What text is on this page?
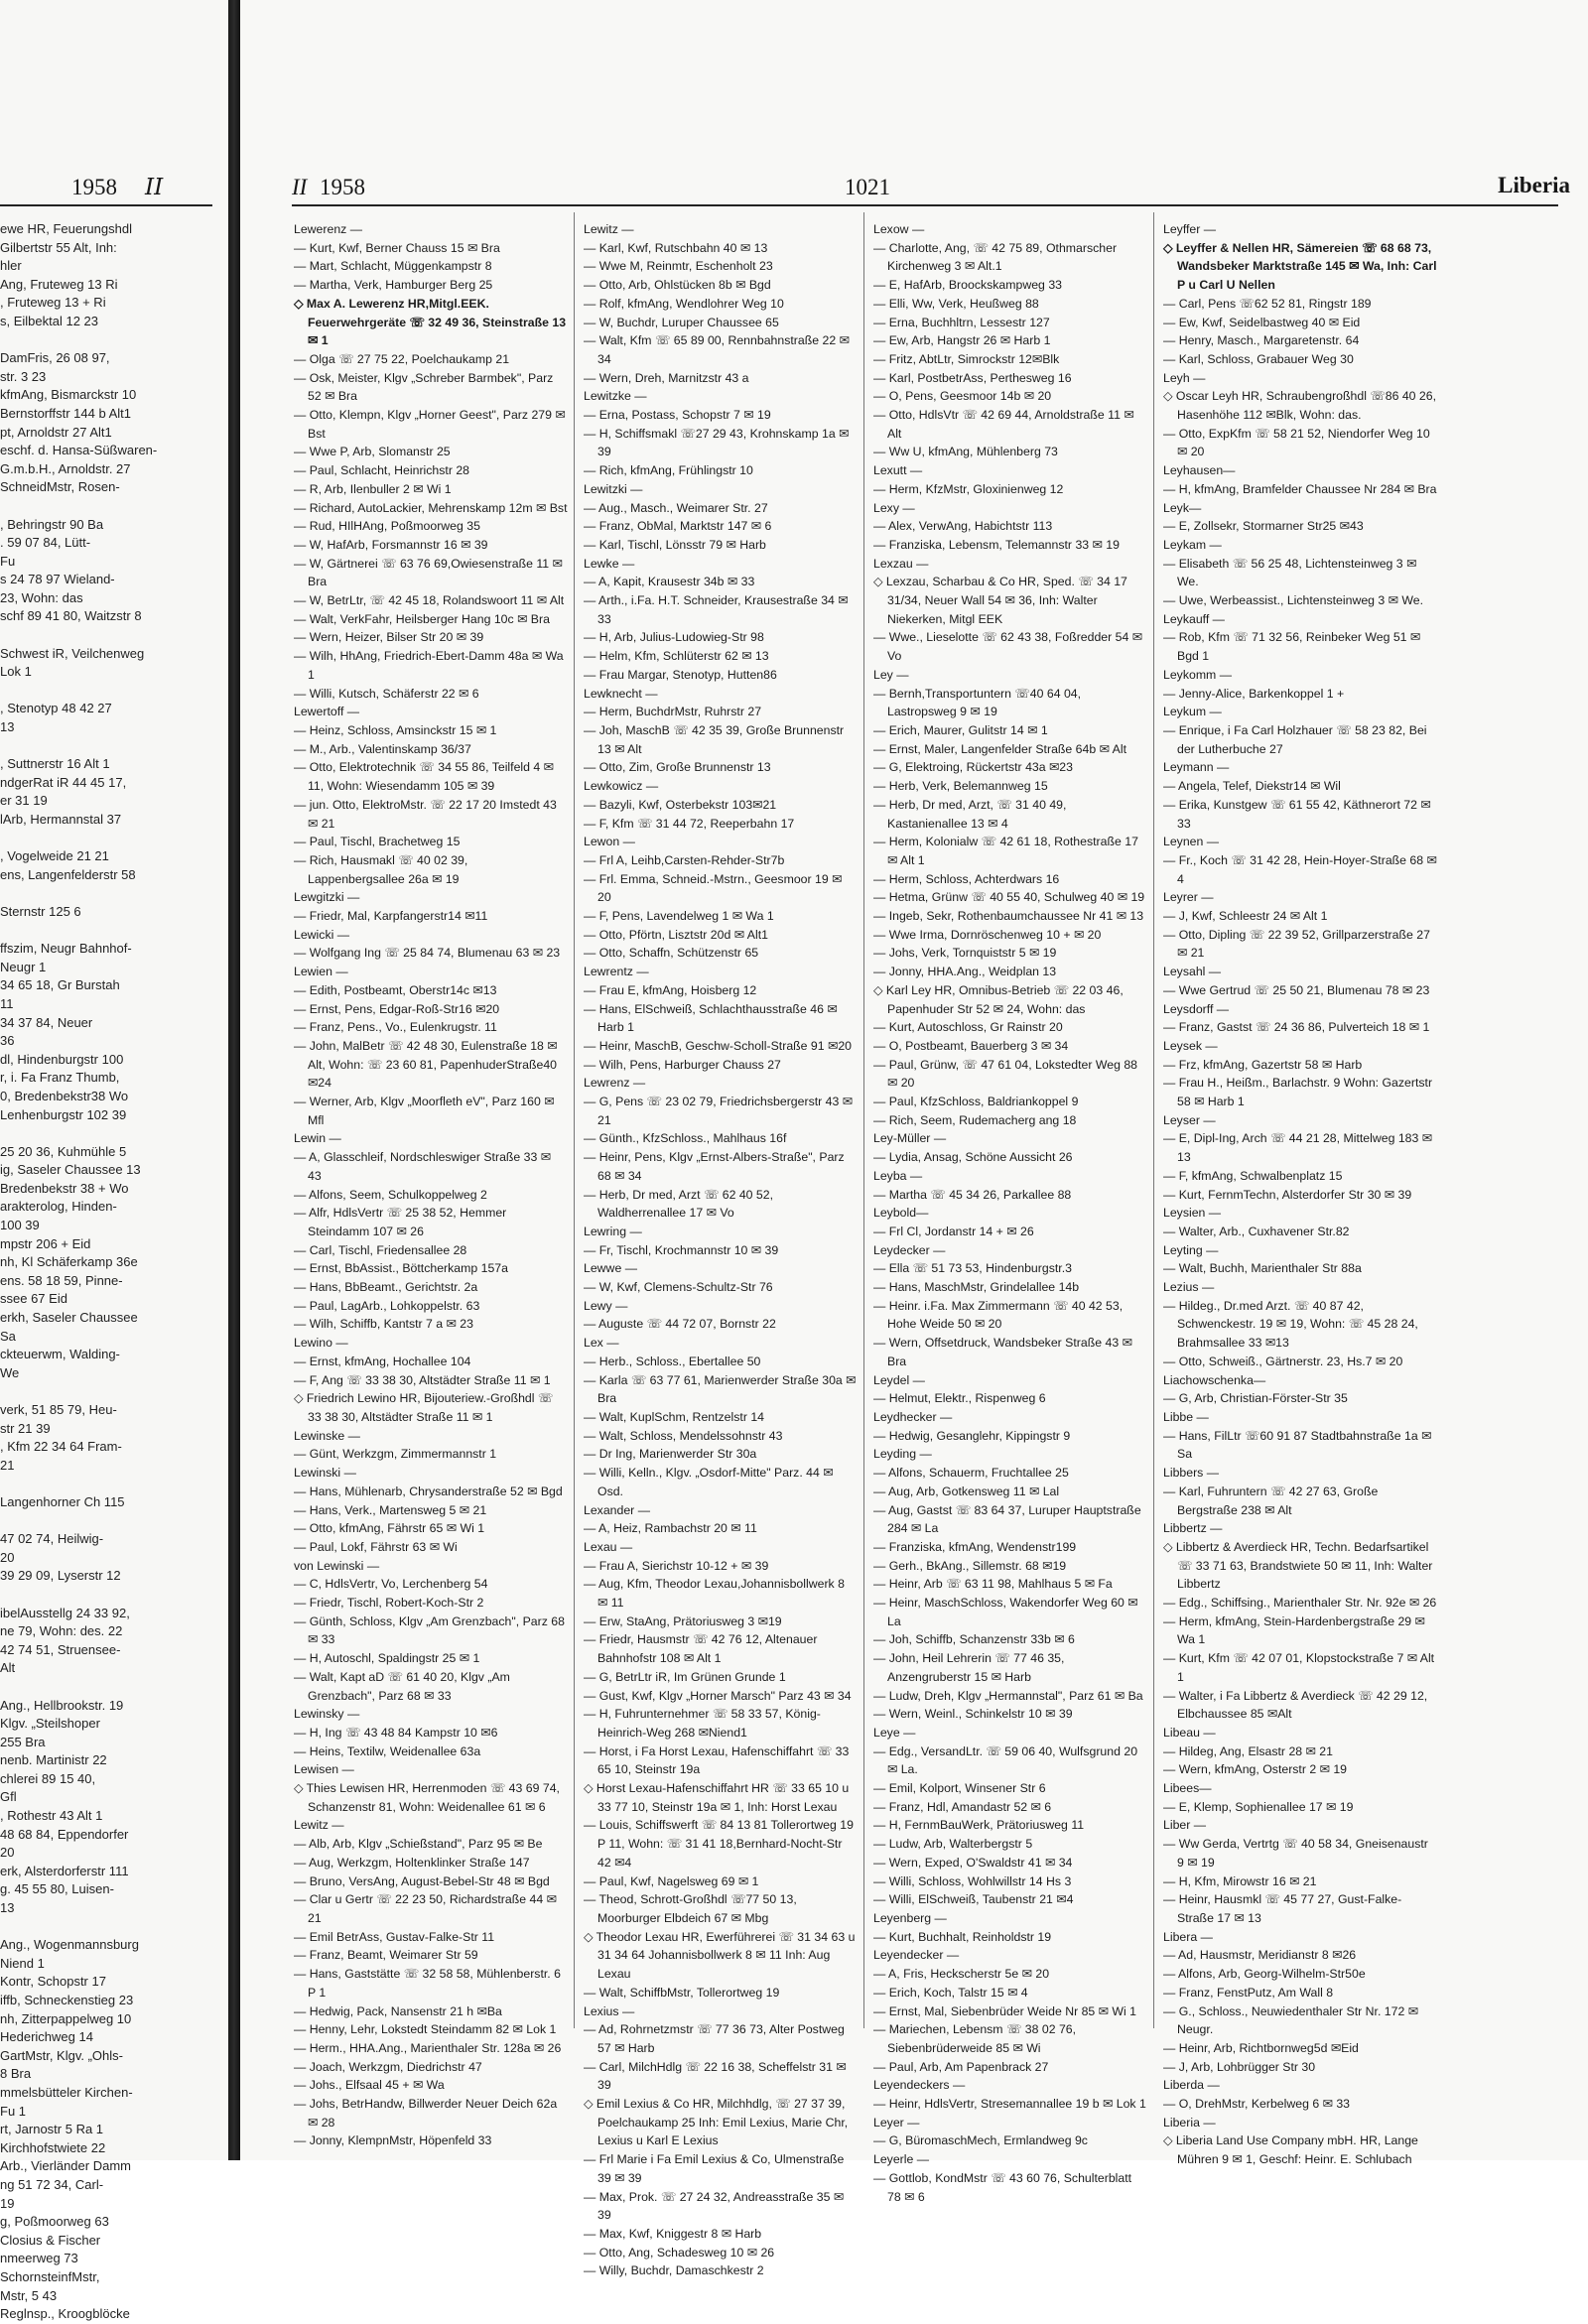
1958 II
ewe HR, Feuerungshdl
Gilbertstr 55 Alt, Inh:
hler
Ang, Fruteweg 13 Ri
, Fruteweg 13 + Ri
s, Eilbektal 12 23

DamFris, 26 08 97,
str. 3 23
kfmAng, Bismarckstr 10
Bernstorffstr 144 b Alt1
pt, Arnoldstr 27 Alt1
eschf. d. Hansa-Süßwaren-
G.m.b.H., Arnoldstr. 27
SchneidMstr, Rosen-

, Behringstr 90 Ba
. 59 07 84, Lütt-
Fu
s 24 78 97 Wieland-
23, Wohn: das
schf 89 41 80, Waitzstr 8

Schwest iR, Veilchenweg
Lok 1

, Stenotyp 48 42 27
13

, Suttnerstr 16 Alt 1
ndgerRat iR 44 45 17,
er 31 19
lArb, Hermannstal 37

, Vogelweide 21 21
ens, Langenfelderstr 58

Sternstr 125 6

ffszim, Neugr Bahnhof-
Neugr 1
34 65 18, Gr Burstah
11
34 37 84, Neuer
36
dl, Hindenburgstr 100
r, i. Fa Franz Thumb,
0, Bredenbekstr38 Wo
Lenhenburgstr 102 39

25 20 36, Kuhmühle 5
ig, Saseler Chaussee 13
Bredenbekstr 38 + Wo
arakterolog, Hinden-
100 39
mpstr 206 + Eid
nh, Kl Schäferkamp 36e
ens. 58 18 59, Pinne-
ssee 67 Eid
erkh, Saseler Chaussee
Sa
ckteuerwm, Walding-
We

verk, 51 85 79, Heu-
str 21 39
, Kfm 22 34 64 Fram-
21

Langenhorner Ch 115

47 02 74, Heilwig-
20
39 29 09, Lyserstr 12

ibelAusstellg 24 33 92,
ne 79, Wohn: des. 22
42 74 51, Struensee-
Alt

Ang., Hellbrookstr. 19
Klgv. „Steilshoper
255 Bra
nenb. Martinistr 22
chlerei 89 15 40,
Gfl
, Rothestr 43 Alt 1
48 68 84, Eppendorfer
20
erk, Alsterdorferstr 111
g. 45 55 80, Luisen-
13

Ang., Wogenmannsburg
Niend 1
Kontr, Schopstr 17
iffb, Schneckenstieg 23
nh, Zitterpappelweg 10
Hederichweg 14
GartMstr, Klgv. „Ohls-
8 Bra
mmelsbütteler Kirchen-
Fu 1
rt, Jarnostr 5 Ra 1
Kirchhofstwiete 22
Arb., Vierländer Damm
ng 51 72 34, Carl-
19
g, Poßmoorweg 63
Closius & Fischer
nmeerweg 73
SchornsteinfMstr,
Mstr, 5 43
Reglnsp., Kroogblöcke
II 1958	1021	Liberia
Lewerenz —
— Kurt, Kwf, Berner Chauss 15 ✉ Bra
— Mart, Schlacht, Müggenkampstr 8
— Martha, Verk, Hamburger Berg 25
◇ Max A. Lewerenz HR,Mitgl.EEK. Feuerwehrgeräte ☏ 32 49 36, Steinstraße 13 ✉ 1
— Olga ☏ 27 75 22, Poelchaukamp 21
— Osk, Meister, Klgv „Schreber Barmbek", Parz 52 ✉ Bra
— Otto, Klempn, Klgv „Horner Geest", Parz 279 ✉ Bst
— Wwe P, Arb, Slomanstr 25
— Paul, Schlacht, Heinrichstr 28
— R, Arb, Ilenbuller 2 ✉ Wi 1
— Richard, AutoLackier, Mehrenskamp 12m ✉ Bst
— Rud, HIlHAng, Poßmoorweg 35
— W, HafArb, Forsmannstr 16 ✉ 39
— W, Gärtnerei ☏ 63 76 69,Owiesenstraße 11 ✉ Bra
— W, BetrLtr, ☏ 42 45 18, Rolandswoort 11 ✉ Alt
— Walt, VerkFahr, Heilsberger Hang 10c ✉ Bra
— Wern, Heizer, Bilser Str 20 ✉ 39
— Wilh, HhAng, Friedrich-Ebert-Damm 48a ✉ Wa 1
— Willi, Kutsch, Schäferstr 22 ✉ 6
Lewertoff —
— Heinz, Schloss, Amsinckstr 15 ✉ 1
— M., Arb., Valentinskamp 36/37
— Otto, Elektrotechnik ☏ 34 55 86, Teilfeld 4 ✉ 11, Wohn: Wiesendamm 105 ✉ 39
— jun. Otto, ElektroMstr. ☏ 22 17 20 Imstedt 43 ✉ 21
— Paul, Tischl, Brachetweg 15
— Rich, Hausmakl ☏ 40 02 39, Lappenbergsallee 26a ✉ 19
Lewgitzki —
— Friedr, Mal, Karpfangerstr14 ✉11
Lewicki —
— Wolfgang Ing ☏ 25 84 74, Blumenau 63 ✉ 23
Lewien —
— Edith, Postbeamt, Oberstr14c ✉13
— Ernst, Pens, Edgar-Roß-Str16 ✉20
— Franz, Pens., Vo., Eulenkrugstr. 11
— John, MalBetr ☏ 42 48 30, Eulenstraße 18 ✉ Alt, Wohn: ☏ 23 60 81, PapenhuderStraße40 ✉24
— Werner, Arb, Klgv „Moorfleth eV", Parz 160 ✉ Mfl
Lewin —
— A, Glasschleif, Nordschleswiger Straße 33 ✉ 43
— Alfons, Seem, Schulkoppelweg 2
— Alfr, HdlsVertr ☏ 25 38 52, Hemmer Steindamm 107 ✉ 26
— Carl, Tischl, Friedensallee 28
— Ernst, BbAssist., Böttcherkamp 157a
— Hans, BbBeamt., Gerichtstr. 2a
— Paul, LagArb., Lohkoppelstr. 63
— Wilh, Schiffb, Kantstr 7 a ✉ 23
Lewino —
— Ernst, kfmAng, Hochallee 104
— F, Ang ☏ 33 38 30, Altstädter Straße 11 ✉ 1
◇ Friedrich Lewino HR, Bijouteriew.-Großhdl ☏ 33 38 30, Altstädter Straße 11 ✉ 1
Lewinske —
— Günt, Werkzgm, Zimmermannstr 1
Lewinski —
— Hans, Mühlenarb, Chrysanderstraße 52 ✉ Bgd
— Hans, Verk., Martensweg 5 ✉ 21
— Otto, kfmAng, Fährstr 65 ✉ Wi 1
— Paul, Lokf, Fährstr 63 ✉ Wi
von Lewinski —
— C, HdlsVertr, Vo, Lerchenberg 54
— Friedr, Tischl, Robert-Koch-Str 2
— Günth, Schloss, Klgv „Am Grenzbach", Parz 68 ✉ 33
— H, Autoschl, Spaldingstr 25 ✉ 1
— Walt, Kapt aD ☏ 61 40 20, Klgv „Am Grenzbach", Parz 68 ✉ 33
Lewinsky —
— H, Ing ☏ 43 48 84 Kampstr 10 ✉6
— Heins, Textilw, Weidenallee 63a
Lewisen —
◇ Thies Lewisen HR, Herrenmoden ☏ 43 69 74, Schanzenstr 81, Wohn: Weidenallee 61 ✉ 6
Lewitz —
— Alb, Arb, Klgv „Schießstand", Parz 95 ✉ Be
— Aug, Werkzgm, Holtenklinker Straße 147
— Bruno, VersAng, August-Bebel-Str 48 ✉ Bgd
— Clar u Gertr ☏ 22 23 50, Richardstraße 44 ✉ 21
— Emil BetrAss, Gustav-Falke-Str 11
— Franz, Beamt, Weimarer Str 59
— Hans, Gaststätte ☏ 32 58 58, Mühlenberstr. 6 P 1
— Hedwig, Pack, Nansenstr 21 h ✉Ba
— Henny, Lehr, Lokstedt Steindamm 82 ✉ Lok 1
— Herm., HHA.Ang., Marienthaler Str. 128a ✉ 26
— Joach, Werkzgm, Diedrichstr 47
— Johs., Elfsaal 45 + ✉ Wa
— Johs, BetrHandw, Billwerder Neuer Deich 62a ✉ 28
— Jonny, KlempnMstr, Höpenfeld 33
Lewitz —
— Karl, Kwf, Rutschbahn 40 ✉ 13
— Wwe M, Reinmtr, Eschenholt 23
— Otto, Arb, Ohlstücken 8b ✉ Bgd
— Rolf, kfmAng, Wendlohrer Weg 10
— W, Buchdr, Luruper Chaussee 65
— Walt, Kfm ☏ 65 89 00, Rennbahnstraße 22 ✉ 34
— Wern, Dreh, Marnitzstr 43 a
Lewitzke —
— Erna, Postass, Schopstr 7 ✉ 19
— H, Schiffsmakl ☏27 29 43, Krohnskamp 1a ✉ 39
— Rich, kfmAng, Frühlingstr 10
Lewitzki —
— Aug., Masch., Weimarer Str. 27
— Franz, ObMal, Marktstr 147 ✉ 6
— Karl, Tischl, Lönsstr 79 ✉ Harb
Lewke —
— A, Kapit, Krausestr 34b ✉ 33
— Arth., i.Fa. H.T. Schneider, Krausestraße 34 ✉ 33
— H, Arb, Julius-Ludowieg-Str 98
— Helm, Kfm, Schlüterstr 62 ✉ 13
— Frau Margar, Stenotyp, Hutten86
Lewknecht —
— Herm, BuchdrMstr, Ruhrstr 27
— Joh, MaschB ☏ 42 35 39, Große Brunnenstr 13 ✉ Alt
— Otto, Zim, Große Brunnenstr 13
Lewkowicz —
— Bazyli, Kwf, Osterbekstr 103✉21
— F, Kfm ☏ 31 44 72, Reeperbahn 17
Lewon —
— Frl A, Leihb,Carsten-Rehder-Str7b
— Frl. Emma, Schneid.-Mstrn., Geesmoor 19 ✉ 20
— F, Pens, Lavendelweg 1 ✉ Wa 1
— Otto, Pförtn, Lisztstr 20d ✉ Alt1
— Otto, Schaffn, Schützenstr 65
Lewrentz —
— Frau E, kfmAng, Hoisberg 12
— Hans, ElSchweiß, Schlachthausstraße 46 ✉ Harb 1
— Heinr, MaschB, Geschw-Scholl-Straße 91 ✉20
— Wilh, Pens, Harburger Chauss 27
Lewrenz —
— G, Pens ☏ 23 02 79, Friedrichsbergerstr 43 ✉ 21
— Günth., KfzSchloss., Mahlhaus 16f
— Heinr, Pens, Klgv „Ernst-Albers-Straße", Parz 68 ✉ 34
— Herb, Dr med, Arzt ☏ 62 40 52, Waldherrenallee 17 ✉ Vo
Lewring —
— Fr, Tischl, Krochmannstr 10 ✉ 39
Lewwe —
— W, Kwf, Clemens-Schultz-Str 76
Lewy —
— Auguste ☏ 44 72 07, Bornstr 22
Lex —
— Herb., Schloss., Ebertallee 50
— Karla ☏ 63 77 61, Marienwerder Straße 30a ✉ Bra
— Walt, KuplSchm, Rentzelstr 14
— Walt, Schloss, Mendelssohnstr 43
— Dr Ing, Marienwerder Str 30a
— Willi, Kelln., Klgv. „Osdorf-Mitte" Parz. 44 ✉ Osd.
Lexander —
— A, Heiz, Rambachstr 20 ✉ 11
Lexau —
— Frau A, Sierichstr 10-12 + ✉ 39
— Aug, Kfm, Theodor Lexau,Johannisbollwerk 8 ✉ 11
— Erw, StaAng, Prätoriusweg 3 ✉19
— Friedr, Hausmstr ☏ 42 76 12, Altenauer Bahnhofstr 108 ✉ Alt 1
— G, BetrLtr iR, Im Grünen Grunde 1
— Gust, Kwf, Klgv „Horner Marsch" Parz 43 ✉ 34
— H, Fuhrunternehmer ☏ 58 33 57, König-Heinrich-Weg 268 ✉Niend1
— Horst, i Fa Horst Lexau, Hafenschiffahrt ☏ 33 65 10, Steinstr 19a
◇ Horst Lexau-Hafenschiffahrt HR ☏ 33 65 10 u 33 77 10, Steinstr 19a ✉ 1, Inh: Horst Lexau
— Louis, Schiffswerft ☏ 84 13 81 Tollerortweg 19 P 11, Wohn: ☏ 31 41 18,Bernhard-Nocht-Str 42 ✉4
— Paul, Kwf, Nagelsweg 69 ✉ 1
— Theod, Schrott-Großhdl ☏77 50 13, Moorburger Elbdeich 67 ✉ Mbg
◇ Theodor Lexau HR, Ewerführerei ☏ 31 34 63 u 31 34 64 Johannisbollwerk 8 ✉ 11 Inh: Aug Lexau
— Walt, SchiffbMstr, Tollerortweg 19
Lexius —
— Ad, Rohrnetzmstr ☏ 77 36 73, Alter Postweg 57 ✉ Harb
— Carl, MilchHdlg ☏ 22 16 38, Scheffelstr 31 ✉ 39
◇ Emil Lexius & Co HR, Milchhdlg, ☏ 27 37 39, Poelchaukamp 25 Inh: Emil Lexius, Marie Chr, Lexius u Karl E Lexius
— Frl Marie i Fa Emil Lexius & Co, Ulmenstraße 39 ✉ 39
— Max, Prok. ☏ 27 24 32, Andreasstraße 35 ✉ 39
— Max, Kwf, Kniggestr 8 ✉ Harb
— Otto, Ang, Schadesweg 10 ✉ 26
— Willy, Buchdr, Damaschkestr 2
Lexow —
— Charlotte, Ang, ☏ 42 75 89, Othmarscher Kirchenweg 3 ✉ Alt.1
— E, HafArb, Broockskampweg 33
— Elli, Ww, Verk, Heußweg 88
— Erna, Buchhltrn, Lessestr 127
— Ew, Arb, Hangstr 26 ✉ Harb 1
— Fritz, AbtLtr, Simrockstr 12✉Blk
— Karl, PostbetrAss, Perthesweg 16
— O, Pens, Geesmoor 14b ✉ 20
— Otto, HdlsVtr ☏ 42 69 44, Arnoldstraße 11 ✉ Alt
— Ww U, kfmAng, Mühlenberg 73
Lexutt —
— Herm, KfzMstr, Gloxinienweg 12
Lexy —
— Alex, VerwAng, Habichtstr 113
— Franziska, Lebensm, Telemannstr 33 ✉ 19
Lexzau —
◇ Lexzau, Scharbau & Co HR, Sped. ☏ 34 17 31/34, Neuer Wall 54 ✉ 36, Inh: Walter Niekerken, Mitgl EEK
— Wwe., Lieselotte ☏ 62 43 38, Foßredder 54 ✉ Vo
Ley —
— Bernh,Transportuntern ☏40 64 04, Lastropsweg 9 ✉ 19
— Erich, Maurer, Gulitstr 14 ✉ 1
— Ernst, Maler, Langenfelder Straße 64b ✉ Alt
— G, Elektroing, Rückertstr 43a ✉23
— Herb, Verk, Belemannweg 15
— Herb, Dr med, Arzt, ☏ 31 40 49, Kastanienallee 13 ✉ 4
— Herm, Kolonialw ☏ 42 61 18, Rothestraße 17 ✉ Alt 1
— Herm, Schloss, Achterdwars 16
— Hetma, Grünw ☏ 40 55 40, Schulweg 40 ✉ 19
— Ingeb, Sekr, Rothenbaumchaussee Nr 41 ✉ 13
— Wwe Irma, Dornröschenweg 10 + ✉ 20
— Johs, Verk, Tornquiststr 5 ✉ 19
— Jonny, HHA.Ang., Weidplan 13
◇ Karl Ley HR, Omnibus-Betrieb ☏ 22 03 46, Papenhuder Str 52 ✉ 24, Wohn: das
— Kurt, Autoschloss, Gr Rainstr 20
— O, Postbeamt, Bauerberg 3 ✉ 34
— Paul, Grünw, ☏ 47 61 04, Lokstedter Weg 88 ✉ 20
— Paul, KfzSchloss, Baldriankoppel 9
— Rich, Seem, Rudemacherg ang 18
Ley-Müller —
— Lydia, Ansag, Schöne Aussicht 26
Leyba —
— Martha ☏ 45 34 26, Parkallee 88
Leybold—
— Frl Cl, Jordanstr 14 + ✉ 26
Leydecker —
— Ella ☏ 51 73 53, Hindenburgstr.3
— Hans, MaschMstr, Grindelallee 14b
— Heinr. i.Fa. Max Zimmermann ☏ 40 42 53, Hohe Weide 50 ✉ 20
— Wern, Offsetdruck, Wandsbeker Straße 43 ✉ Bra
Leydel —
— Helmut, Elektr., Rispenweg 6
Leydhecker —
— Hedwig, Gesanglehr, Kippingstr 9
Leyding —
— Alfons, Schauerm, Fruchtallee 25
— Aug, Arb, Gotkensweg 11 ✉ Lal
— Aug, Gastst ☏ 83 64 37, Luruper Hauptstraße 284 ✉ La
— Franziska, kfmAng, Wendenstr199
— Gerh., BkAng., Sillemstr. 68 ✉19
— Heinr, Arb ☏ 63 11 98, Mahlhaus 5 ✉ Fa
— Heinr, MaschSchloss, Wakendorfer Weg 60 ✉ La
— Joh, Schiffb, Schanzenstr 33b ✉ 6
— John, Heil Lehrerin ☏ 77 46 35, Anzengruberstr 15 ✉ Harb
— Ludw, Dreh, Klgv „Hermannstal", Parz 61 ✉ Ba
— Wern, Weinl., Schinkelstr 10 ✉ 39
Leye —
— Edg., VersandLtr. ☏ 59 06 40, Wulfsgrund 20 ✉ La.
— Emil, Kolport, Winsener Str 6
— Franz, Hdl, Amandastr 52 ✉ 6
— H, FernmBauWerk, Prätoriusweg 11
— Ludw, Arb, Walterbergstr 5
— Wern, Exped, O'Swaldstr 41 ✉ 34
— Willi, Schloss, Wohlwillstr 14 Hs 3
— Willi, ElSchweiß, Taubenstr 21 ✉4
Leyenberg —
— Kurt, Buchhalt, Reinholdstr 19
Leyendecker —
— A, Fris, Heckscherstr 5e ✉ 20
— Erich, Koch, Talstr 15 ✉ 4
— Ernst, Mal, Siebenbrüder Weide Nr 85 ✉ Wi 1
— Mariechen, Lebensm ☏ 38 02 76, Siebenbrüderweide 85 ✉ Wi
— Paul, Arb, Am Papenbrack 27
Leyendeckers —
— Heinr, HdlsVertr, Stresemannallee 19 b ✉ Lok 1
Leyer —
— G, BüromaschMech, Ermlandweg 9c
Leyerle —
— Gottlob, KondMstr ☏ 43 60 76, Schulterblatt 78 ✉ 6
Leyffer —
◇ Leyffer & Nellen HR, Sämereien ☏ 68 68 73, Wandsbeker Marktstraße 145 ✉ Wa, Inh: Carl P u Carl U Nellen
— Carl, Pens ☏62 52 81, Ringstr 189
— Ew, Kwf, Seidelbastweg 40 ✉ Eid
— Henry, Masch., Margaretenstr. 64
— Karl, Schloss, Grabauer Weg 30
Leyh —
◇ Oscar Leyh HR, Schraubengroßhdl ☏86 40 26, Hasenhöhe 112 ✉Blk, Wohn: das.
— Otto, ExpKfm ☏ 58 21 52, Niendorfer Weg 10 ✉ 20
Leyhausen—
— H, kfmAng, Bramfelder Chaussee Nr 284 ✉ Bra
Leyk—
— E, Zollsekr, Stormarner Str25 ✉43
Leykam —
— Elisabeth ☏ 56 25 48, Lichtensteinweg 3 ✉ We.
— Uwe, Werbeassist., Lichtensteinweg 3 ✉ We.
Leykauff —
— Rob, Kfm ☏ 71 32 56, Reinbeker Weg 51 ✉ Bgd 1
Leykomm —
— Jenny-Alice, Barkenkoppel 1 +
Leykum —
— Enrique, i Fa Carl Holzhauer ☏ 58 23 82, Bei der Lutherbuche 27
Leymann —
— Angela, Telef, Diekstr14 ✉ Wil
— Erika, Kunstgew ☏ 61 55 42, Käthnerort 72 ✉ 33
Leynen —
— Fr., Koch ☏ 31 42 28, Hein-Hoyer-Straße 68 ✉ 4
Leyrer —
— J, Kwf, Schleestr 24 ✉ Alt 1
— Otto, Dipling ☏ 22 39 52, Grillparzerstraße 27 ✉ 21
Leysahl —
— Wwe Gertrud ☏ 25 50 21, Blumenau 78 ✉ 23
Leysdorff —
— Franz, Gastst ☏ 24 36 86, Pulverteich 18 ✉ 1
Leysek —
— Frz, kfmAng, Gazertstr 58 ✉ Harb
— Frau H., Heißm., Barlachstr. 9 Wohn: Gazertstr 58 ✉ Harb 1
Leyser —
— E, Dipl-Ing, Arch ☏ 44 21 28, Mittelweg 183 ✉ 13
— F, kfmAng, Schwalbenplatz 15
— Kurt, FernmTechn, Alsterdorfer Str 30 ✉ 39
Leysien —
— Walter, Arb., Cuxhavener Str.82
Leyting —
— Walt, Buchh, Marienthaler Str 88a
Lezius —
— Hildeg., Dr.med Arzt. ☏ 40 87 42, Schwenckestr. 19 ✉ 19, Wohn: ☏ 45 28 24, Brahmsallee 33 ✉13
— Otto, Schweiß., Gärtnerstr. 23, Hs.7 ✉ 20
Liachowschenka—
— G, Arb, Christian-Förster-Str 35
Libbe —
— Hans, FilLtr ☏60 91 87 Stadtbahnstraße 1a ✉ Sa
Libbers —
— Karl, Fuhruntern ☏ 42 27 63, Große Bergstraße 238 ✉ Alt
Libbertz —
◇ Libbertz & Averdieck HR, Techn. Bedarfsartikel ☏ 33 71 63, Brandstwiete 50 ✉ 11, Inh: Walter Libbertz
— Edg., Schiffsing., Marienthaler Str. Nr. 92e ✉ 26
— Herm, kfmAng, Stein-Hardenbergstraße 29 ✉ Wa 1
— Kurt, Kfm ☏ 42 07 01, Klopstockstraße 7 ✉ Alt 1
— Walter, i Fa Libbertz & Averdieck ☏ 42 29 12, Elbchaussee 85 ✉Alt
Libeau —
— Hildeg, Ang, Elsastr 28 ✉ 21
— Wern, kfmAng, Osterstr 2 ✉ 19
Libees—
— E, Klemp, Sophienallee 17 ✉ 19
Liber —
— Ww Gerda, Vertrtg ☏ 40 58 34, Gneisenaustr 9 ✉ 19
— H, Kfm, Mirowstr 16 ✉ 21
— Heinr, Hausmkl ☏ 45 77 27, Gust-Falke-Straße 17 ✉ 13
Libera —
— Ad, Hausmstr, Meridianstr 8 ✉26
— Alfons, Arb, Georg-Wilhelm-Str50e
— Franz, FenstPutz, Am Wall 8
— G., Schloss., Neuwiedenthaler Str Nr. 172 ✉ Neugr.
— Heinr, Arb, Richtbornweg5d ✉Eid
— J, Arb, Lohbrügger Str 30
Liberda —
— O, DrehMstr, Kerbelweg 6 ✉ 33
Liberia —
◇ Liberia Land Use Company mbH. HR, Lange Mühren 9 ✉ 1, Geschf: Heinr. E. Schlubach
